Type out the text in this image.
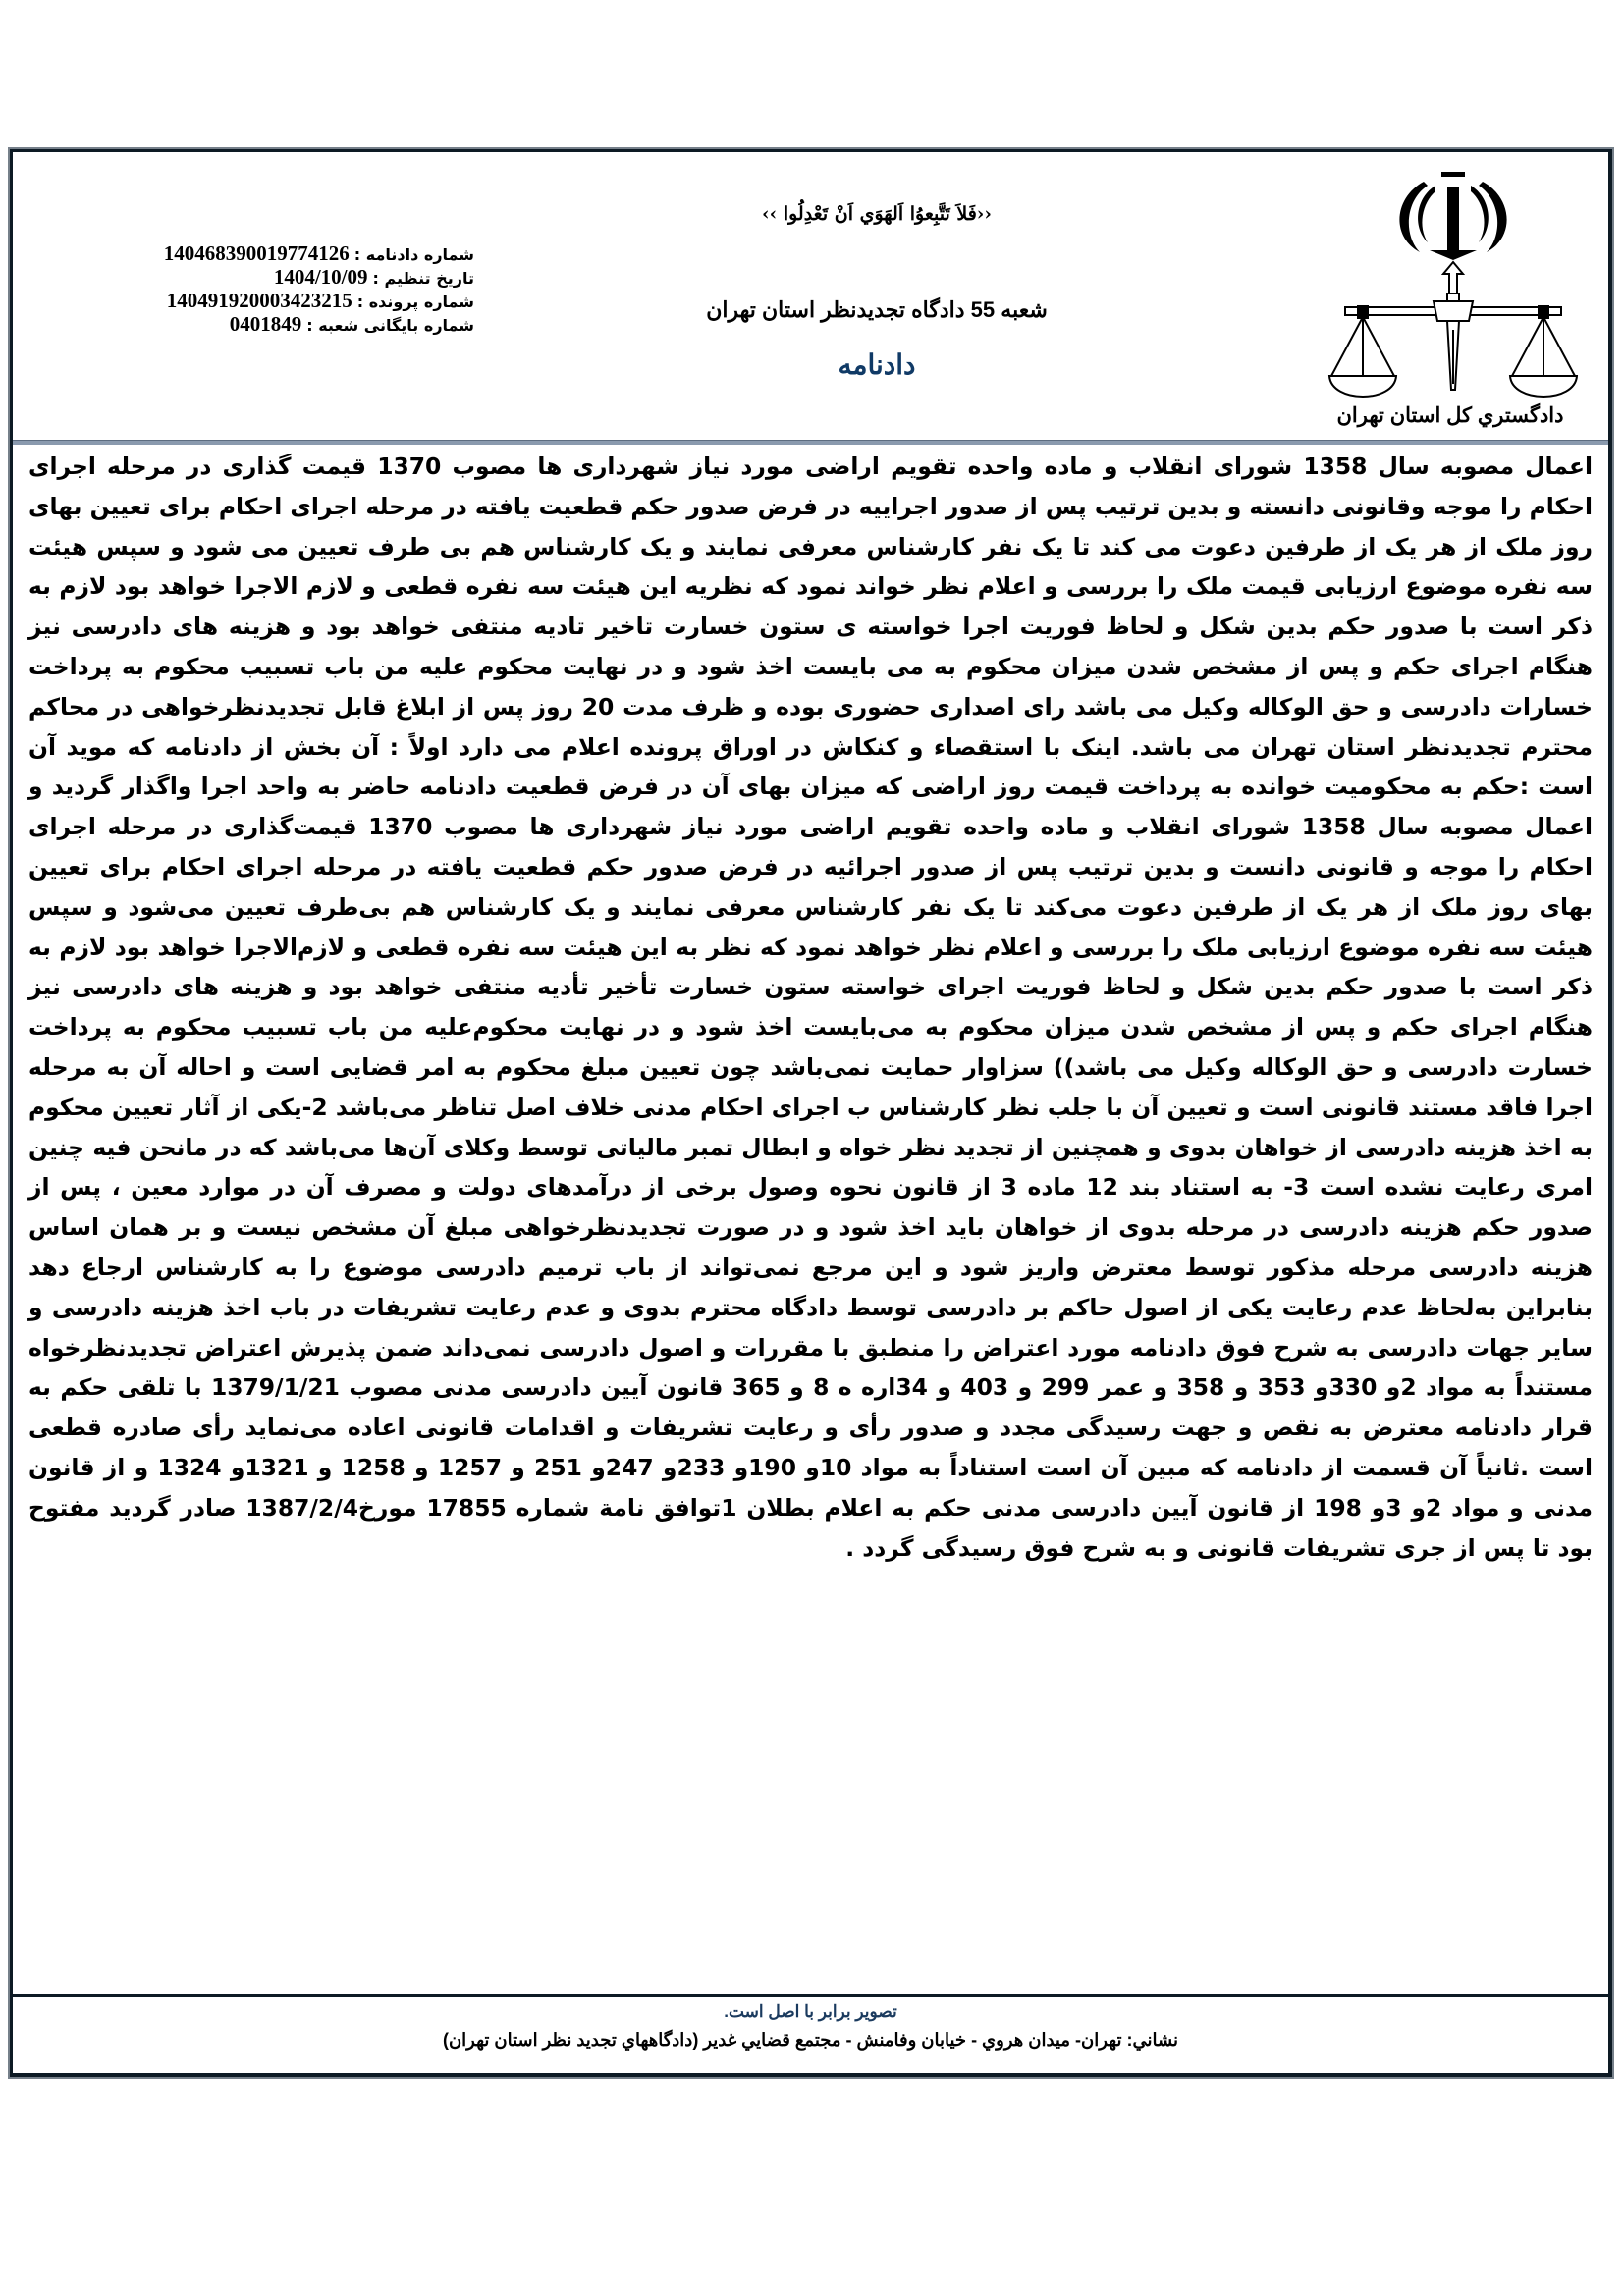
شماره دادنامه : 140468390019774126
تاریخ تنظیم : 1404/10/09
شماره پرونده : 140491920003423215
شماره بایگانی شعبه : 0401849
‹‹فَلاَ تَتَّبِعوُا اَلهَوَي اَنْ تَعْدِلُوا ››
شعبه 55 دادگاه تجدیدنظر استان تهران
دادنامه
دادگستري کل استان تهران
اعمال مصوبه سال 1358 شورای انقلاب و ماده واحده تقویم اراضی مورد نیاز شهرداری ها مصوب 1370 قیمت گذاری در مرحله اجرای احکام را موجه وقانونی دانسته و بدین ترتیب پس از صدور اجراییه در فرض صدور حکم قطعیت یافته در مرحله اجرای احکام برای تعیین بهای روز ملک از هر یک از طرفین دعوت می کند تا یک نفر کارشناس معرفی نمایند و یک کارشناس هم بی طرف تعیین می شود و سپس هیئت سه نفره موضوع ارزیابی قیمت ملک را بررسی و اعلام نظر خواند نمود که نظریه این هیئت سه نفره قطعی و لازم الاجرا خواهد بود لازم به ذکر است با صدور حکم بدین شکل و لحاظ فوریت اجرا خواسته ی ستون خسارت تاخیر تادیه منتفی خواهد بود و هزینه های دادرسی نیز هنگام اجرای حکم و پس از مشخص شدن میزان محکوم به می بایست اخذ شود و در نهایت محکوم علیه من باب تسبیب محکوم به پرداخت خسارات دادرسی و حق الوکاله وکیل می باشد رای اصداری حضوری بوده و ظرف مدت 20 روز پس از ابلاغ قابل تجدیدنظرخواهی در محاکم محترم تجدیدنظر استان تهران می باشد. اینک با استقصاء و کنکاش در اوراق پرونده اعلام می دارد اولاً : آن بخش از دادنامه که موید آن است :حکم به محکومیت خوانده به پرداخت قیمت روز اراضی که میزان بهای آن در فرض قطعیت دادنامه حاضر به واحد اجرا واگذار گردید و اعمال مصوبه سال 1358 شورای انقلاب و ماده واحده تقویم اراضی مورد نیاز شهرداری ها مصوب 1370 قیمت‌گذاری در مرحله اجرای احکام را موجه و قانونی دانست و بدین ترتیب پس از صدور اجرائیه در فرض صدور حکم قطعیت یافته در مرحله اجرای احکام برای تعیین بهای روز ملک از هر یک از طرفین دعوت می‌کند تا یک نفر کارشناس معرفی نمایند و یک کارشناس هم بی‌طرف تعیین می‌شود و سپس هیئت سه نفره موضوع ارزیابی ملک را بررسی و اعلام نظر خواهد نمود که نظر به این هیئت سه نفره قطعی و لازم‌الاجرا خواهد بود لازم به ذکر است با صدور حکم بدین شکل و لحاظ فوریت اجرای خواسته ستون خسارت تأخیر تأدیه منتفی خواهد بود و هزینه های دادرسی نیز هنگام اجرای حکم و پس از مشخص شدن میزان محکوم به می‌بایست اخذ شود و در نهایت محکوم‌علیه من باب تسبیب محکوم به پرداخت خسارت دادرسی و حق الوکاله وکیل می باشد)) سزاوار حمایت نمی‌باشد چون تعیین مبلغ محکوم به امر قضایی است و احاله آن به مرحله اجرا فاقد مستند قانونی است و تعیین آن با جلب نظر کارشناس ب اجرای احکام مدنی خلاف اصل تناظر می‌باشد 2-یکی از آثار تعیین محکوم به اخذ هزینه دادرسی از خواهان بدوی و همچنین از تجدید نظر خواه و ابطال تمبر مالیاتی توسط وکلای آن‌ها می‌باشد که در مانحن فیه چنین امری رعایت نشده است 3- به استناد بند 12 ماده 3 از قانون نحوه وصول برخی از درآمدهای دولت و مصرف آن در موارد معین ، پس از صدور حکم هزینه دادرسی در مرحله بدوی از خواهان باید اخذ شود و در صورت تجدیدنظرخواهی مبلغ آن مشخص نیست و بر همان اساس هزینه دادرسی مرحله مذکور توسط معترض واریز شود و این مرجع نمی‌تواند از باب ترمیم دادرسی موضوع را به کارشناس ارجاع دهد بنابراین به‌لحاظ عدم رعایت یکی از اصول حاکم بر دادرسی توسط دادگاه محترم بدوی و عدم رعایت تشریفات در باب اخذ هزینه دادرسی و سایر جهات دادرسی به شرح فوق دادنامه مورد اعتراض را منطبق با مقررات و اصول دادرسی نمی‌داند ضمن پذیرش اعتراض تجدیدنظرخواه مستنداً به مواد 2و 330و 353 و 358 و عمر 299 و 403 و 34اره ه 8 و 365 قانون آیین دادرسی مدنی مصوب 1379/1/21 با تلقی حکم به قرار دادنامه معترض به نقص و جهت رسیدگی مجدد و صدور رأی و رعایت تشریفات و اقدامات قانونی اعاده می‌نماید رأی صادره قطعی است .ثانیاً آن قسمت از دادنامه که مبین آن است استناداً به مواد 10و 190و 233و 247و 251 و 1257 و 1258 و 1321و 1324 و از قانون مدنی و مواد 2و 3و 198 از قانون آیین دادرسی مدنی حکم به اعلام بطلان 1توافق نامة شماره 17855 مورخ1387/2/4 صادر گردید مفتوح بود تا پس از جری تشریفات قانونی و به شرح فوق رسیدگی گردد .
تصویر برابر با اصل است.
نشاني: تهران- میدان هروي - خیابان وفامنش - مجتمع قضایي غدیر (دادگاههاي تجدید نظر استان تهران)
